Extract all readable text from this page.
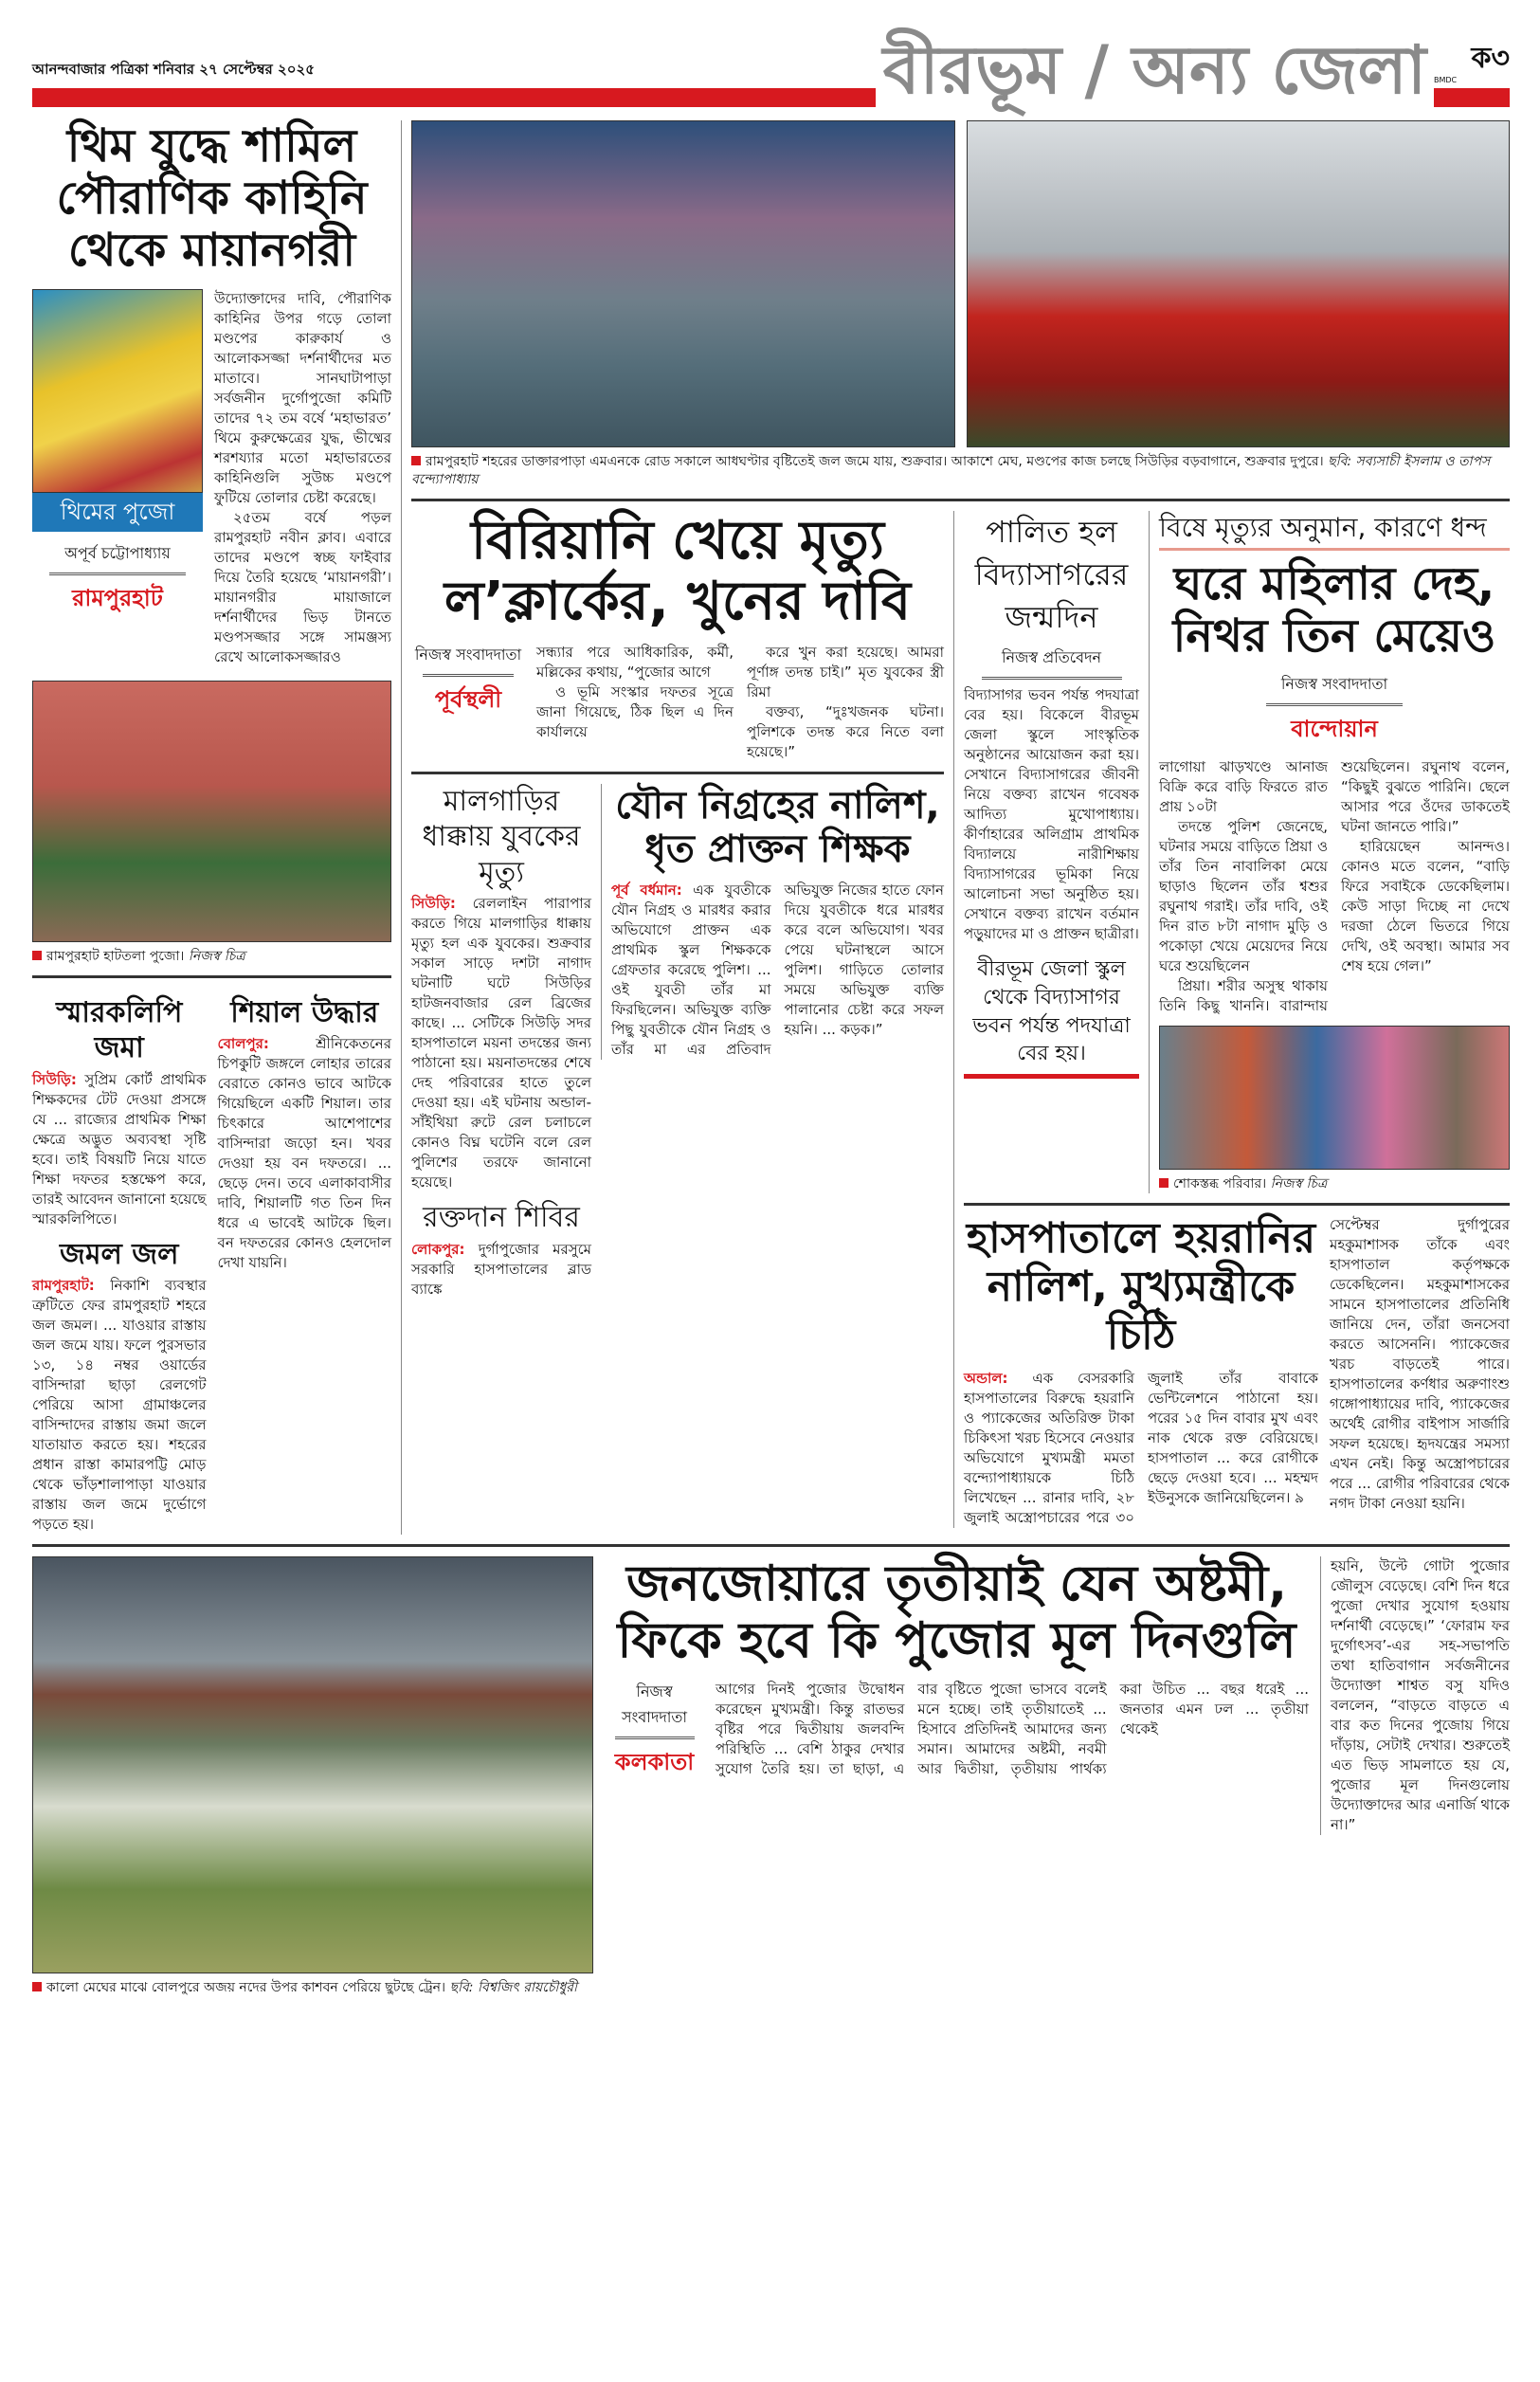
আনন্দবাজার পত্রিকা শনিবার ২৭ সেপ্টেম্বর ২০২৫	বীরভূম / অন্য জেলা ক৩
BMDC
থিম যুদ্ধে শামিল পৌরাণিক কাহিনি থেকে মায়ানগরী
থিমের পুজো
অপূর্ব চট্টোপাধ্যায়
রামপুরহাট

উদ্যোক্তাদের দাবি, পৌরাণিক কাহিনির উপর গড়ে তোলা মণ্ডপের কারুকার্য ও আলোকসজ্জা দর্শনার্থীদের মত মাতাবে। সানঘাটাপাড়া সর্বজনীন দুর্গোপুজো কমিটি তাদের ৭২ তম বর্ষে ‘মহাভারত’ থিমে কুরুক্ষেত্রের যুদ্ধ, ভীষ্মের শরশয্যার মতো মহাভারতের কাহিনিগুলি সুউচ্চ মণ্ডপে ফুটিয়ে তোলার চেষ্টা করেছে।

২৫তম বর্ষে পড়ল রামপুরহাট নবীন ক্লাব। এবারে তাদের মণ্ডপে স্বচ্ছ ফাইবার দিয়ে তৈরি হয়েছে ‘মায়ানগরী’। মায়ানগরীর মায়াজালে দর্শনার্থীদের ভিড় টানতে মণ্ডপসজ্জার সঙ্গে সামঞ্জস্য রেখে আলোকসজ্জারও

রামপুরহাট হাটতলা পুজো। নিজস্ব চিত্র
স্মারকলিপি জমা
সিউড়ি: সুপ্রিম কোর্ট প্রাথমিক শিক্ষকদের টেট দেওয়া প্রসঙ্গে যে ... রাজ্যের প্রাথমিক শিক্ষা ক্ষেত্রে অদ্ভুত অব্যবস্থা সৃষ্টি হবে। তাই বিষয়টি নিয়ে যাতে শিক্ষা দফতর হস্তক্ষেপ করে, তারই আবেদন জানানো হয়েছে স্মারকলিপিতে।
জমল জল
রামপুরহাট: নিকাশি ব্যবস্থার ত্রুটিতে ফের রামপুরহাট শহরে জল জমল। ... যাওয়ার রাস্তায় জল জমে যায়। ফলে পুরসভার ১৩, ১৪ নম্বর ওয়ার্ডের বাসিন্দারা ছাড়া রেলগেট পেরিয়ে আসা গ্রামাঞ্চলের বাসিন্দাদের রাস্তায় জমা জলে যাতায়াত করতে হয়। শহরের প্রধান রাস্তা কামারপট্টি মোড় থেকে ভাঁড়শালাপাড়া যাওয়ার রাস্তায় জল জমে দুর্ভোগে পড়তে হয়।
শিয়াল উদ্ধার
বোলপুর:	শ্রীনিকেতনের চিপকুটি জঙ্গলে লোহার তারের বেরাতে কোনও ভাবে আটকে গিয়েছিলে একটি শিয়াল। তার চিৎকারে আশেপাশের বাসিন্দারা জড়ো হন। খবর দেওয়া হয় বন দফতরে। ... ছেড়ে দেন। তবে এলাকাবাসীর দাবি, শিয়ালটি গত তিন দিন ধরে এ ভাবেই আটকে ছিল। বন দফতরের কোনও হেলদোল দেখা যায়নি।
রামপুরহাট শহরের ডাক্তারপাড়া এমএনকে রোড সকালে আধঘণ্টার বৃষ্টিতেই জল জমে যায়, শুক্রবার। আকাশে মেঘ, মণ্ডপের কাজ চলছে সিউড়ির বড়বাগানে, শুক্রবার দুপুরে। ছবি: সব্যসাচী ইসলাম ও তাপস বন্দ্যোপাধ্যায়
বিরিয়ানি খেয়ে মৃত্যু ল’ক্লার্কের, খুনের দাবি
নিজস্ব সংবাদদাতা
পূর্বস্থলী

সন্ধ্যার পরে আধিকারিক, কর্মী, মল্লিকের কথায়, “পুজোর আগে

ও ভূমি সংস্কার দফতর সূত্রে জানা গিয়েছে, ঠিক ছিল এ দিন কার্যালয়ে

করে খুন করা হয়েছে। আমরা পূর্ণাঙ্গ তদন্ত চাই।” মৃত যুবকের স্ত্রী রিমা

বক্তব্য, “দুঃখজনক ঘটনা। পুলিশকে তদন্ত করে নিতে বলা হয়েছে।”

মালগাড়ির ধাক্কায় যুবকের মৃত্যু
সিউড়ি: রেললাইন পারাপার করতে গিয়ে মালগাড়ির ধাক্কায় মৃত্যু হল এক যুবকের। শুক্রবার সকাল সাড়ে দশটা নাগাদ ঘটনাটি ঘটে সিউড়ির হাটজনবাজার রেল ব্রিজের কাছে। ... সেটিকে সিউড়ি সদর হাসপাতালে ময়না তদন্তের জন্য পাঠানো হয়। ময়নাতদন্তের শেষে দেহ পরিবারের হাতে তুলে দেওয়া হয়। এই ঘটনায় অন্ডাল-সাঁইথিয়া রুটে রেল চলাচলে কোনও বিঘ্ন ঘটেনি বলে রেল পুলিশের তরফে জানানো হয়েছে।
রক্তদান শিবির
লোকপুর: দুর্গাপুজোর মরসুমে সরকারি হাসপাতালের ব্লাড ব্যাঙ্কে
যৌন নিগ্রহের নালিশ, ধৃত প্রাক্তন শিক্ষক
পূর্ব বর্ধমান: এক যুবতীকে যৌন নিগ্রহ ও মারধর করার অভিযোগে প্রাক্তন এক প্রাথমিক স্কুল শিক্ষককে গ্রেফতার করেছে পুলিশ। ... ওই যুবতী তাঁর মা ফিরছিলেন। অভিযুক্ত ব্যক্তি পিছু যুবতীকে যৌন নিগ্রহ ও তাঁর মা এর প্রতিবাদ অভিযুক্ত নিজের হাতে ফোন দিয়ে যুবতীকে ধরে মারধর করে বলে অভিযোগ। খবর পেয়ে ঘটনাস্থলে আসে পুলিশ। গাড়িতে তোলার সময়ে অভিযুক্ত ব্যক্তি পালানোর চেষ্টা করে সফল হয়নি। ... কড়ক।”
পালিত হল বিদ্যাসাগরের জন্মদিন
নিজস্ব প্রতিবেদন

বিদ্যাসাগর ভবন পর্যন্ত পদযাত্রা বের হয়। বিকেলে বীরভূম জেলা স্কুলে সাংস্কৃতিক অনুষ্ঠানের আয়োজন করা হয়। সেখানে বিদ্যাসাগরের জীবনী নিয়ে বক্তব্য রাখেন গবেষক আদিত্য মুখোপাধ্যায়। কীর্ণাহারের অলিগ্রাম প্রাথমিক বিদ্যালয়ে নারীশিক্ষায় বিদ্যাসাগরের ভূমিকা নিয়ে আলোচনা সভা অনুষ্ঠিত হয়। সেখানে বক্তব্য রাখেন বর্তমান পড়ুয়াদের মা ও প্রাক্তন ছাত্রীরা।

বীরভূম জেলা স্কুল থেকে বিদ্যাসাগর ভবন পর্যন্ত পদযাত্রা বের হয়।
বিষে মৃত্যুর অনুমান, কারণে ধন্দ
ঘরে মহিলার দেহ, নিথর তিন মেয়েও
নিজস্ব সংবাদদাতা
বান্দোয়ান

লাগোয়া ঝাড়খণ্ডে আনাজ বিক্রি করে বাড়ি ফিরতে রাত প্রায় ১০টা

তদন্তে পুলিশ জেনেছে, ঘটনার সময়ে বাড়িতে প্রিয়া ও তাঁর তিন নাবালিকা মেয়ে ছাড়াও ছিলেন তাঁর শ্বশুর রঘুনাথ গরাই। তাঁর দাবি, ওই দিন রাত ৮টা নাগাদ মুড়ি ও পকোড়া খেয়ে মেয়েদের নিয়ে ঘরে শুয়েছিলেন

প্রিয়া। শরীর অসুস্থ থাকায় তিনি কিছু খাননি। বারান্দায় শুয়েছিলেন। রঘুনাথ বলেন, “কিছুই বুঝতে পারিনি। ছেলে আসার পরে ওঁদের ডাকতেই ঘটনা জানতে পারি।”

হারিয়েছেন আনন্দও। কোনও মতে বলেন, “বাড়ি ফিরে সবাইকে ডেকেছিলাম। কেউ সাড়া দিচ্ছে না দেখে দরজা ঠেলে ভিতরে গিয়ে দেখি, ওই অবস্থা। আমার সব শেষ হয়ে গেল।”

শোকস্তব্ধ পরিবার। নিজস্ব চিত্র
হাসপাতালে হয়রানির নালিশ, মুখ্যমন্ত্রীকে চিঠি
অন্ডাল: এক বেসরকারি হাসপাতালের বিরুদ্ধে হয়রানি ও প্যাকেজের অতিরিক্ত টাকা চিকিৎসা খরচ হিসেবে নেওয়ার অভিযোগে মুখ্যমন্ত্রী মমতা বন্দ্যোপাধ্যায়কে চিঠি লিখেছেন ... রানার দাবি, ২৮ জুলাই অস্ত্রোপচারের পরে ৩০ জুলাই তাঁর বাবাকে ভেন্টিলেশনে পাঠানো হয়। পরের ১৫ দিন বাবার মুখ এবং নাক থেকে রক্ত বেরিয়েছে। হাসপাতাল ... করে রোগীকে ছেড়ে দেওয়া হবে। ... মহম্মদ ইউনুসকে জানিয়েছিলেন। ৯
সেপ্টেম্বর দুর্গাপুরের মহকুমাশাসক তাঁকে এবং হাসপাতাল কর্তৃপক্ষকে ডেকেছিলেন। মহকুমাশাসকের সামনে হাসপাতালের প্রতিনিধি জানিয়ে দেন, তাঁরা জনসেবা করতে আসেননি। প্যাকেজের খরচ বাড়তেই পারে। হাসপাতালের কর্ণধার অরুণাংশু গঙ্গোপাধ্যায়ের দাবি, প্যাকেজের অর্থেই রোগীর বাইপাস সার্জারি সফল হয়েছে। হৃদযন্ত্রের সমস্যা এখন নেই। কিন্তু অস্ত্রোপচারের পরে ... রোগীর পরিবারের থেকে নগদ টাকা নেওয়া হয়নি।
কালো মেঘের মাঝে বোলপুরে অজয় নদের উপর কাশবন পেরিয়ে ছুটছে ট্রেন। ছবি: বিশ্বজিৎ রায়চৌধুরী
জনজোয়ারে তৃতীয়াই যেন অষ্টমী, ফিকে হবে কি পুজোর মূল দিনগুলি
নিজস্ব সংবাদদাতা
কলকাতা
আগের দিনই পুজোর উদ্বোধন করেছেন মুখ্যমন্ত্রী। কিন্তু রাতভর বৃষ্টির পরে দ্বিতীয়ায় জলবন্দি পরিস্থিতি ... বেশি ঠাকুর দেখার সুযোগ তৈরি হয়। তা ছাড়া, এ বার বৃষ্টিতে পুজো ভাসবে বলেই মনে হচ্ছে। তাই তৃতীয়াতেই ... হিসাবে প্রতিদিনই আমাদের জন্য সমান। আমাদের অষ্টমী, নবমী আর দ্বিতীয়া, তৃতীয়ায় পার্থক্য করা উচিত ... বছর ধরেই ... জনতার এমন ঢল ... তৃতীয়া থেকেই
হয়নি, উল্টে গোটা পুজোর জৌলুস বেড়েছে। বেশি দিন ধরে পুজো দেখার সুযোগ হওয়ায় দর্শনার্থী বেড়েছে।” ‘ফোরাম ফর দুর্গোৎসব’-এর সহ-সভাপতি তথা হাতিবাগান সর্বজনীনের উদ্যোক্তা শাশ্বত বসু যদিও বললেন, “বাড়তে বাড়তে এ বার কত দিনের পুজোয় গিয়ে দাঁড়ায়, সেটাই দেখার। শুরুতেই এত ভিড় সামলাতে হয় যে, পুজোর মূল দিনগুলোয় উদ্যোক্তাদের আর এনার্জি থাকে না।”
